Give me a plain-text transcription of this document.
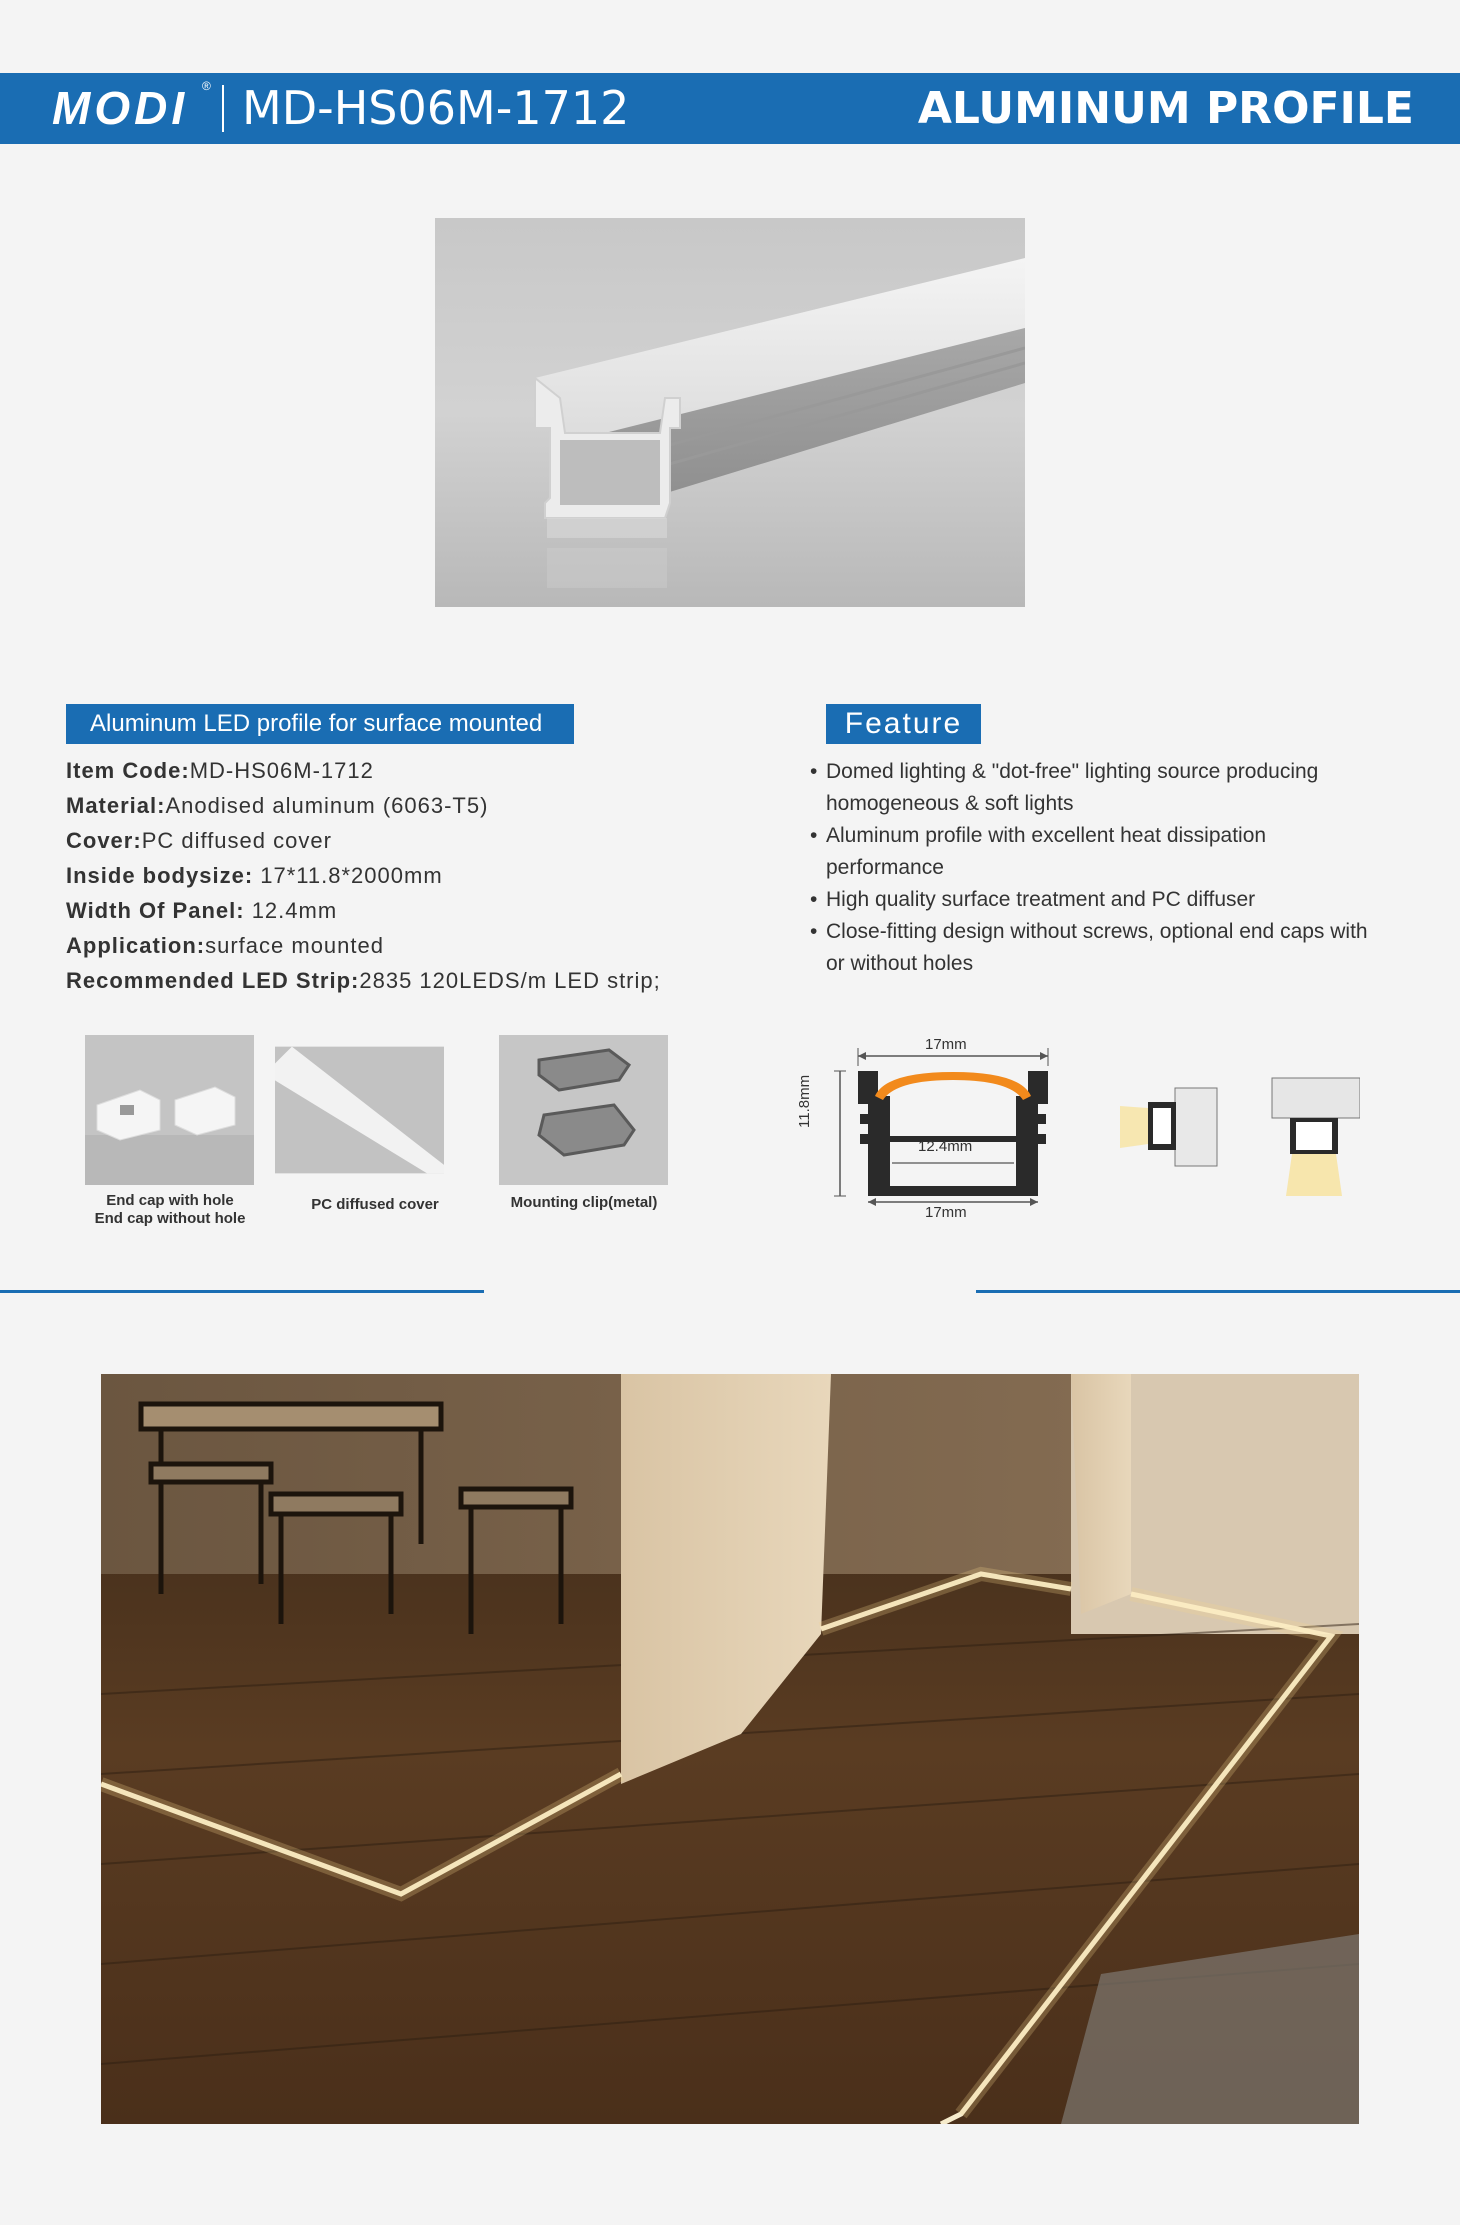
MODI ® MD-HS06M-1712	ALUMINUM PROFILE
Aluminum LED profile for surface mounted
Item Code:MD-HS06M-1712
Material:Anodised aluminum (6063-T5)
Cover:PC diffused cover
Inside bodysize: 17*11.8*2000mm
Width Of Panel: 12.4mm
Application:surface mounted
Recommended LED Strip:2835 120LEDS/m LED strip;
Feature
• Domed lighting & "dot-free" lighting source producing homogeneous & soft lights
• Aluminum profile with excellent heat dissipation performance
• High quality surface treatment and PC diffuser
• Close-fitting design without screws, optional end caps with or without holes
End cap with hole
End cap without hole
PC diffused cover	Mounting clip(metal)
17mm
12.4mm
17mm
11.8mm
